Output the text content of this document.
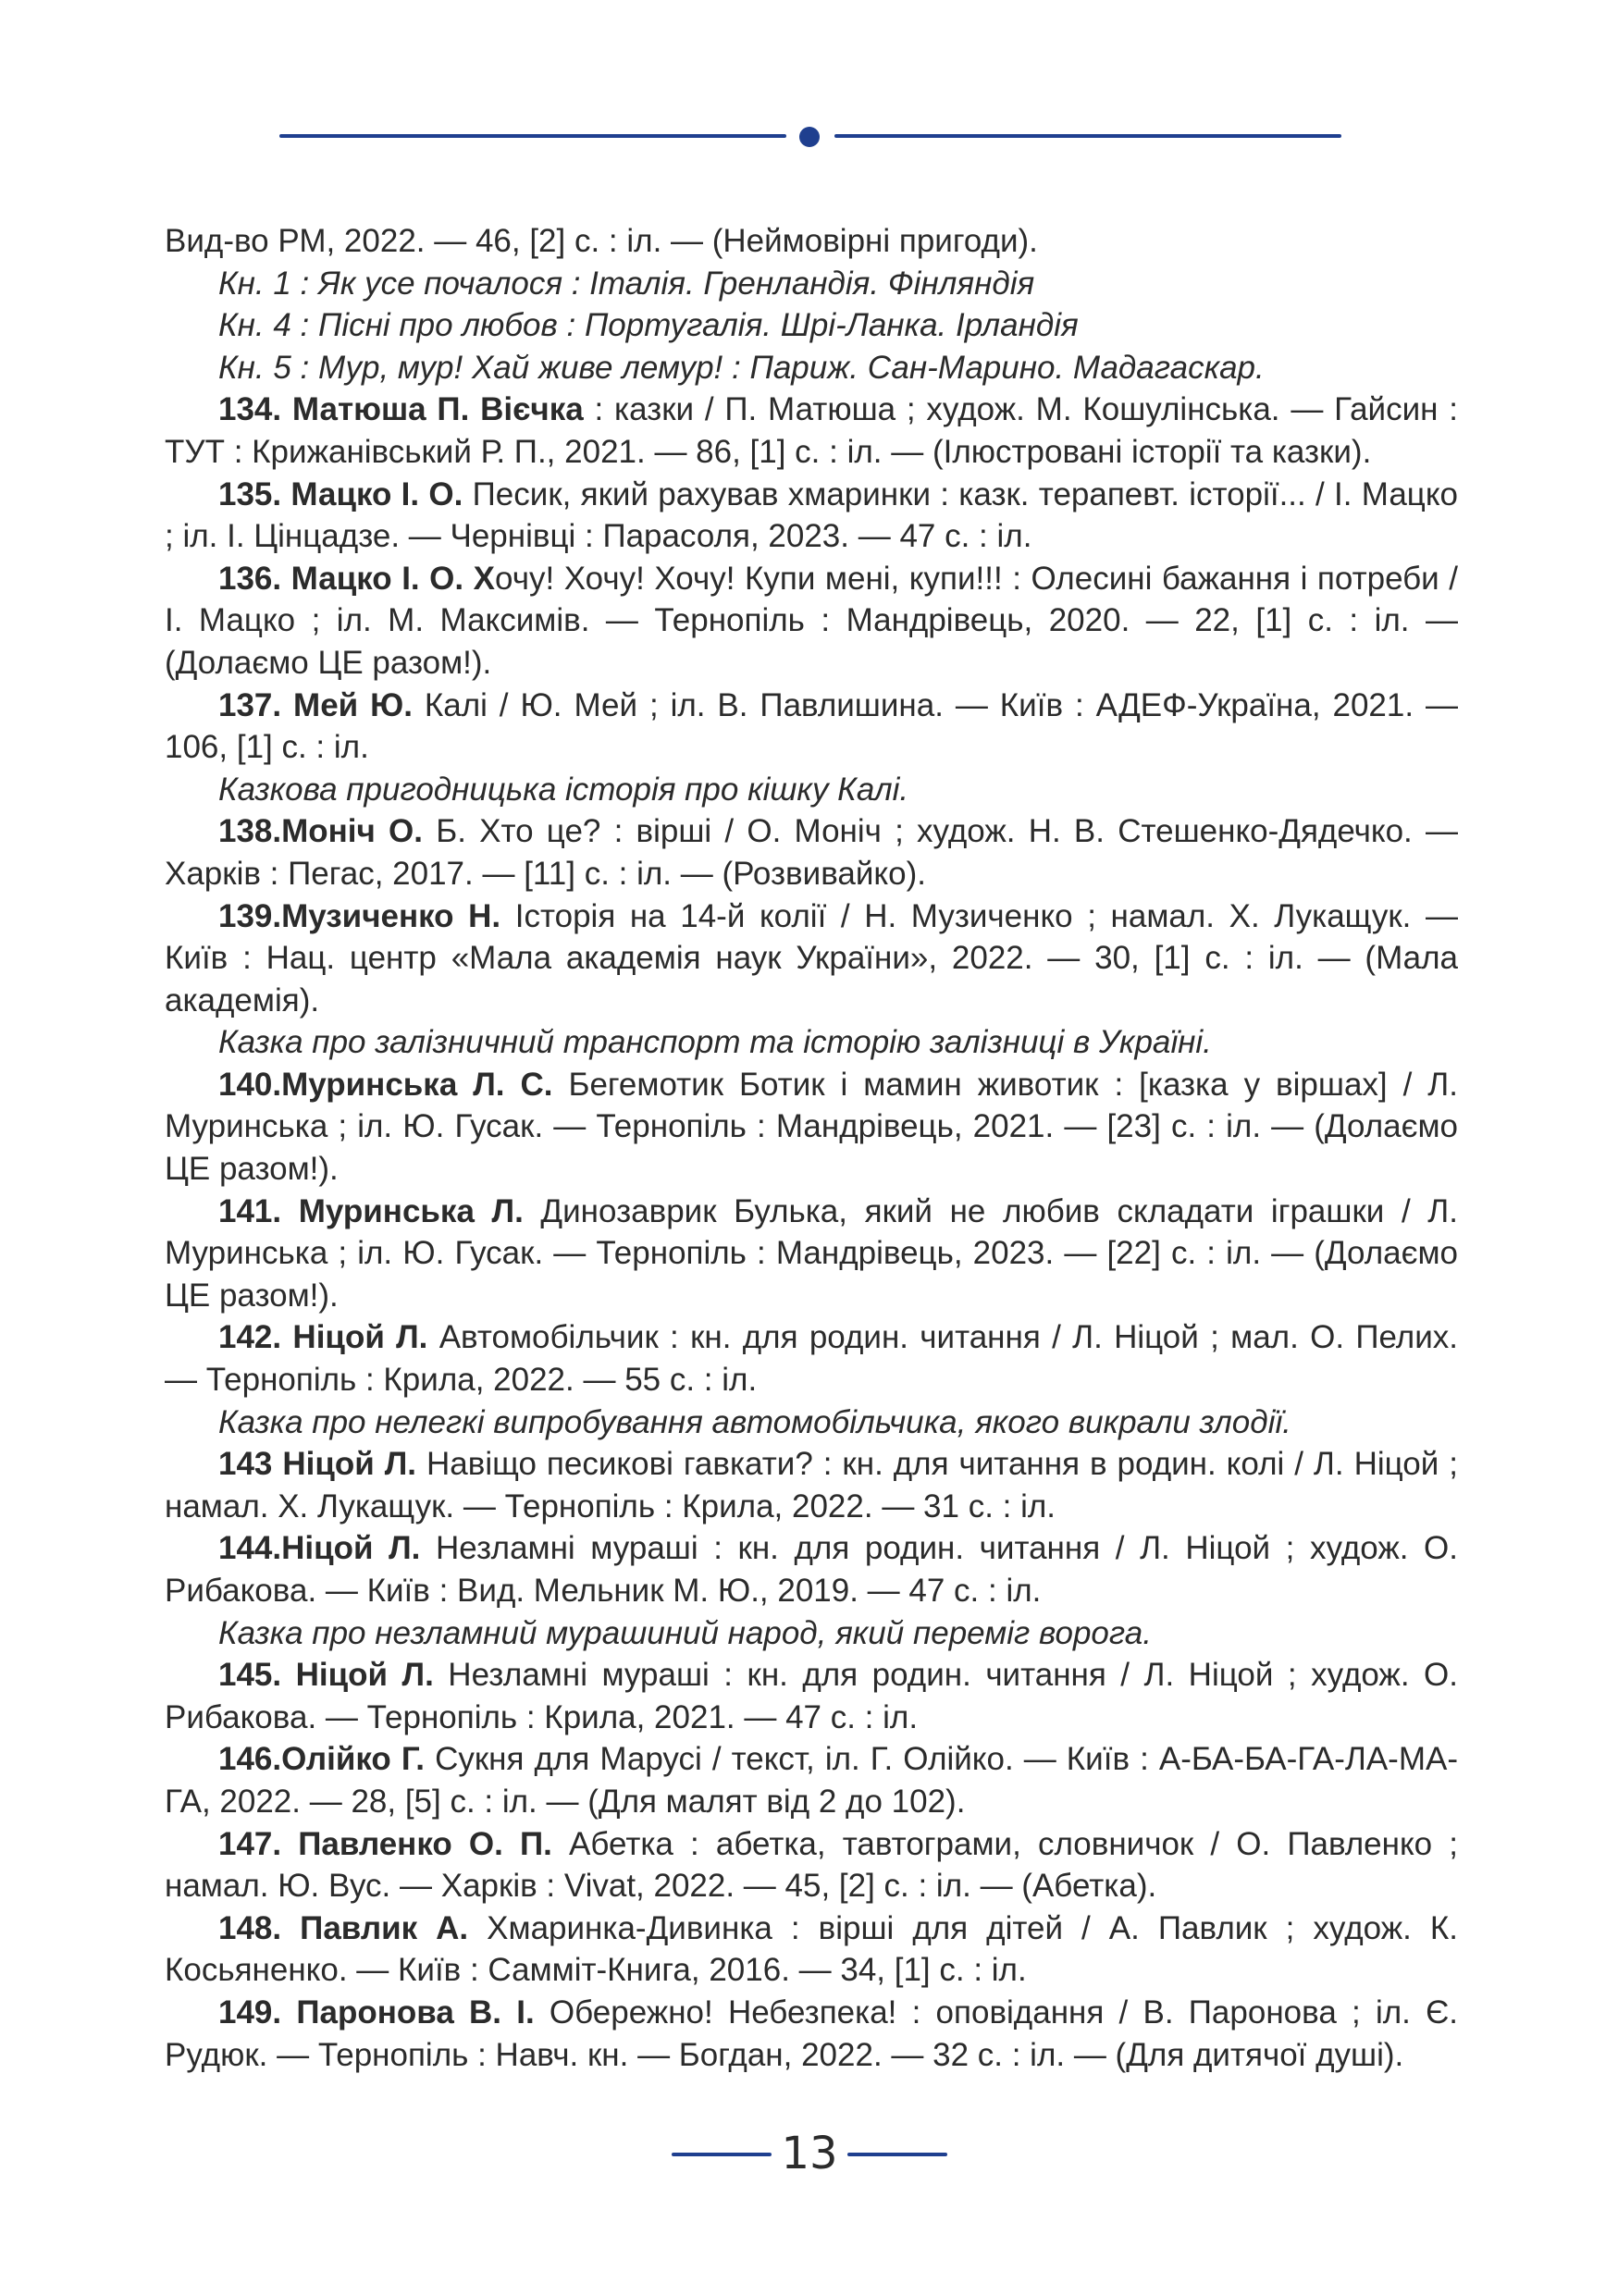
Вид-во РМ, 2022. — 46, [2] с. : іл. — (Неймовірні пригоди).

Кн. 1 : Як усе почалося : Італія. Гренландія. Фінляндія

Кн. 4 : Пісні про любов : Португалія. Шрі-Ланка. Ірландія

Кн. 5 : Мур, мур! Хай живе лемур! : Париж. Сан-Марино. Мадагаскар.

134. Матюша П. Вієчка : казки / П. Матюша ; худож. М. Кошулінська. — Гайсин : ТУТ : Крижанівський Р. П., 2021. — 86, [1] с. : іл. — (Ілюстровані історії та казки).

135. Мацко І. О. Песик, який рахував хмаринки : казк. терапевт. історії... / І. Мацко ; іл. І. Цінцадзе. — Чернівці : Парасоля, 2023. — 47 с. : іл.

136. Мацко І. О. Хочу! Хочу! Хочу! Купи мені, купи!!! : Олесині бажання і потреби / І. Мацко ; іл. М. Максимів. — Тернопіль : Мандрівець, 2020. — 22, [1] с. : іл. — (Долаємо ЦЕ разом!).

137. Мей Ю. Калі / Ю. Мей ; іл. В. Павлишина. — Київ : АДЕФ-Україна, 2021. — 106, [1] с. : іл.

Казкова пригодницька історія про кішку Калі.

138.Моніч О. Б. Хто це? : вірші / О. Моніч ; худож. Н. В. Стешенко-Дядечко. — Харків : Пегас, 2017. — [11] с. : іл. — (Розвивайко).

139.Музиченко Н. Історія на 14-й колії / Н. Музиченко ; намал. Х. Лукащук. — Київ : Нац. центр «Мала академія наук України», 2022. — 30, [1] с. : іл. — (Мала академія).

Казка про залізничний транспорт та історію залізниці в Україні.

140.Муринська Л. С. Бегемотик Ботик і мамин животик : [казка у віршах] / Л. Муринська ; іл. Ю. Гусак. — Тернопіль : Мандрівець, 2021. — [23] с. : іл. — (Долаємо ЦЕ разом!).

141. Муринська Л. Динозаврик Булька, який не любив складати іграшки / Л. Муринська ; іл. Ю. Гусак. — Тернопіль : Мандрівець, 2023. — [22] с. : іл. — (Долаємо ЦЕ разом!).

142. Ніцой Л. Автомобільчик : кн. для родин. читання / Л. Ніцой ; мал. О. Пелих. — Тернопіль : Крила, 2022. — 55 с. : іл.

Казка про нелегкі випробування автомобільчика, якого викрали злодії.

143 Ніцой Л. Навіщо песикові гавкати? : кн. для читання в родин. колі / Л. Ніцой ; намал. Х. Лукащук. — Тернопіль : Крила, 2022. — 31 с. : іл.

144.Ніцой Л. Незламні мураші : кн. для родин. читання / Л. Ніцой ; худож. О. Рибакова. — Київ : Вид. Мельник М. Ю., 2019. — 47 с. : іл.

Казка про незламний мурашиний народ, який переміг ворога.

145. Ніцой Л. Незламні мураші : кн. для родин. читання / Л. Ніцой ; худож. О. Рибакова. — Тернопіль : Крила, 2021. — 47 с. : іл.

146.Олійко Г. Сукня для Марусі / текст, іл. Г. Олійко. — Київ : А-БА-БА-ГА-ЛА-МА-ГА, 2022. — 28, [5] с. : іл. — (Для малят від 2 до 102).

147. Павленко О. П. Абетка : абетка, тавтограми, словничок / О. Павленко ; намал. Ю. Вус. — Харків : Vivat, 2022. — 45, [2] с. : іл. — (Абетка).

148. Павлик А. Хмаринка-Дивинка : вірші для дітей / А. Павлик ; худож. К. Косьяненко. — Київ : Самміт-Книга, 2016. — 34, [1] с. : іл.

149. Паронова В. І. Обережно! Небезпека! : оповідання / В. Паронова ; іл. Є. Рудюк. — Тернопіль : Навч. кн. — Богдан, 2022. — 32 с. : іл. — (Для дитячої душі).

13
